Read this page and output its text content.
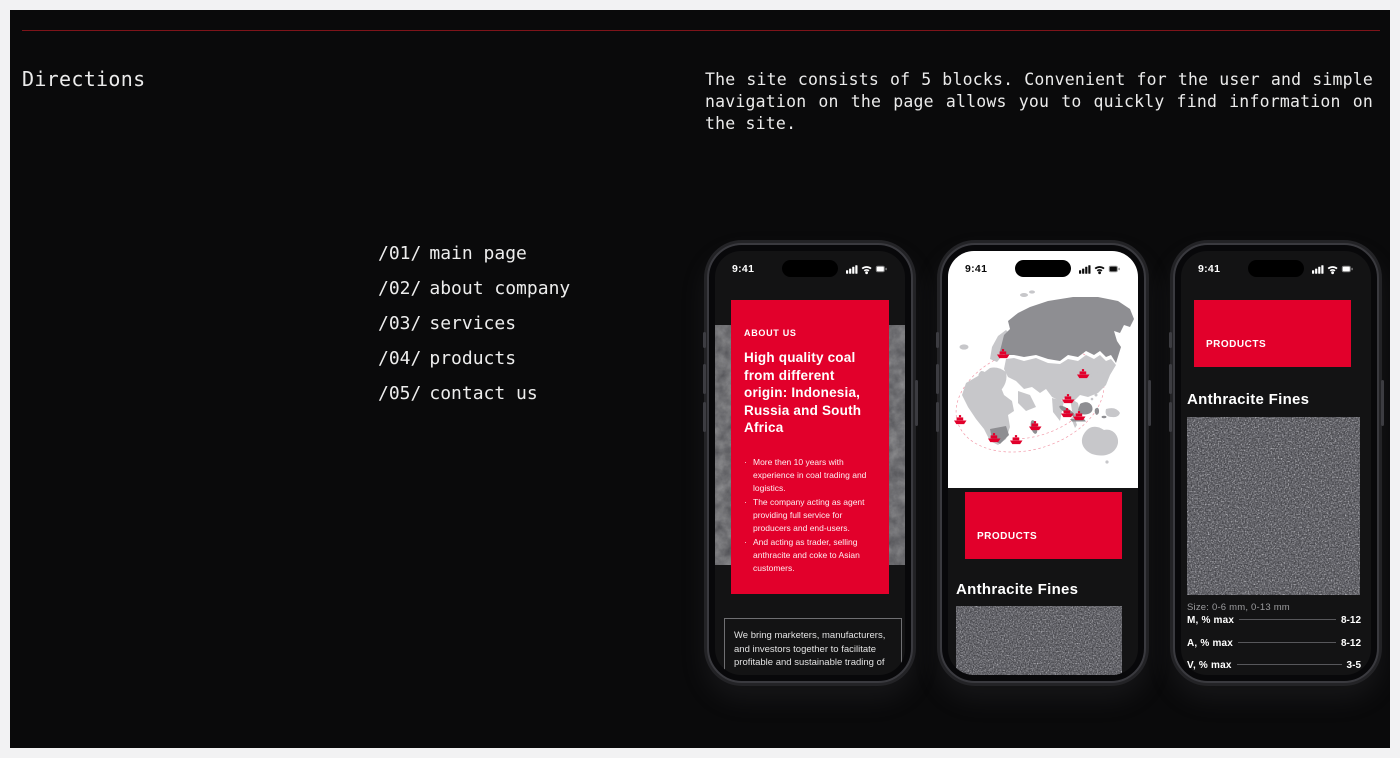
Directions	The site consists of 5 blocks. Convenient for the user and simple navigation on the page allows you to quickly find information on the site.
/01/ main page
/02/ about company
/03/ services
/04/ products
/05/ contact us
9:41
ABOUT US
High quality coal from different origin: Indonesia, Russia and South Africa
· More then 10 years with experience in coal trading and logistics.
· The company acting as agent providing full service for producers and end-users.
· And acting as trader, selling anthracite and coke to Asian customers.
We bring marketers, manufacturers, and investors together to facilitate profitable and sustainable trading of
9:41
PRODUCTS
Anthracite Fines
9:41
PRODUCTS
Anthracite Fines
Size: 0-6 mm, 0-13 mm
M, % max	8-12
A, % max	8-12
V, % max	3-5
